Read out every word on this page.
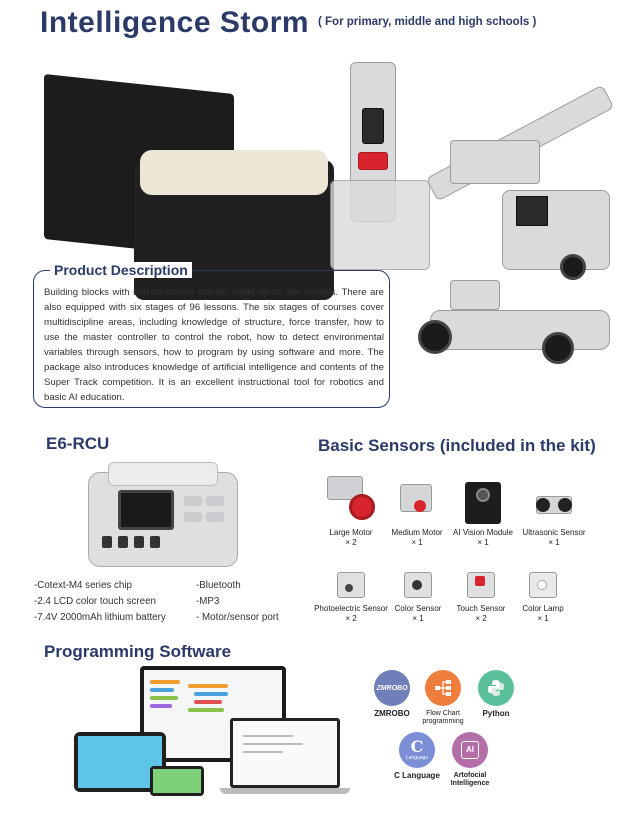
Intelligence Storm ( For primary, middle and high schools )
Product Description
Building blocks with rich structures can be made up to 30+ models. There are also equipped with six stages of 96 lessons. The six stages of courses cover multidiscipline areas, including knowledge of structure, force transfer, how to use the master controller to control the robot, how to detect environmental variables through sensors, how to program by using software and more. The package also introduces knowledge of artificial intelligence and contents of the Super Track competition. It is an excellent instructional tool for robotics and basic AI education.
E6-RCU
-Cotext-M4 series chip
-2.4 LCD color touch screen
-7.4V 2000mAh lithium battery
-Bluetooth
-MP3
- Motor/sensor port
Basic Sensors (included in the kit)
Large Motor
× 2
Medium Motor
× 1
AI Vision Module
× 1
Ultrasonic Sensor
× 1
Photoelectric Sensor
× 2
Color Sensor
× 1
Touch Sensor
× 2
Color Lamp
× 1
Programming Software
ZMROBO
ZMROBO	Flow Chart programming
Python
C
Language
C Language
AI
Artofocial Intelligence
